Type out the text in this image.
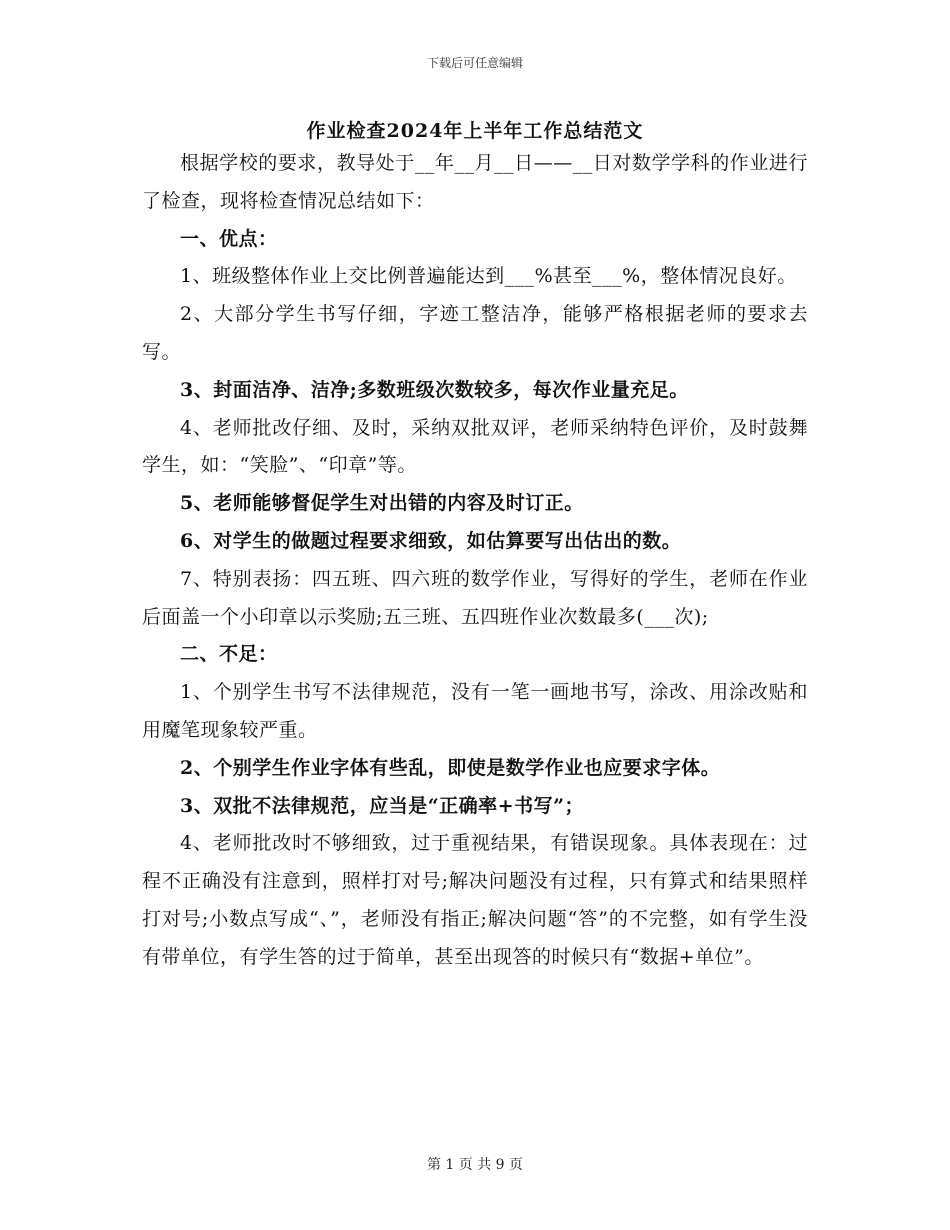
下载后可任意编辑
作业检查2024年上半年工作总结范文

根据学校的要求，教导处于__年__月__日——__日对数学学科的作业进行了检查，现将检查情况总结如下：

一、优点：

1、班级整体作业上交比例普遍能达到___%甚至___%，整体情况良好。

2、大部分学生书写仔细，字迹工整洁净，能够严格根据老师的要求去写。

3、封面洁净、洁净;多数班级次数较多，每次作业量充足。

4、老师批改仔细、及时，采纳双批双评，老师采纳特色评价，及时鼓舞学生，如：“笑脸”、“印章”等。

5、老师能够督促学生对出错的内容及时订正。

6、对学生的做题过程要求细致，如估算要写出估出的数。

7、特别表扬：四五班、四六班的数学作业，写得好的学生，老师在作业后面盖一个小印章以示奖励;五三班、五四班作业次数最多(___次);

二、不足：

1、个别学生书写不法律规范，没有一笔一画地书写，涂改、用涂改贴和用魔笔现象较严重。

2、个别学生作业字体有些乱，即使是数学作业也应要求字体。

3、双批不法律规范，应当是“正确率+书写”；

4、老师批改时不够细致，过于重视结果，有错误现象。具体表现在：过程不正确没有注意到，照样打对号;解决问题没有过程，只有算式和结果照样打对号;小数点写成“、”，老师没有指正;解决问题“答”的不完整，如有学生没有带单位，有学生答的过于简单，甚至出现答的时候只有“数据+单位”。

第 1 页 共 9 页
